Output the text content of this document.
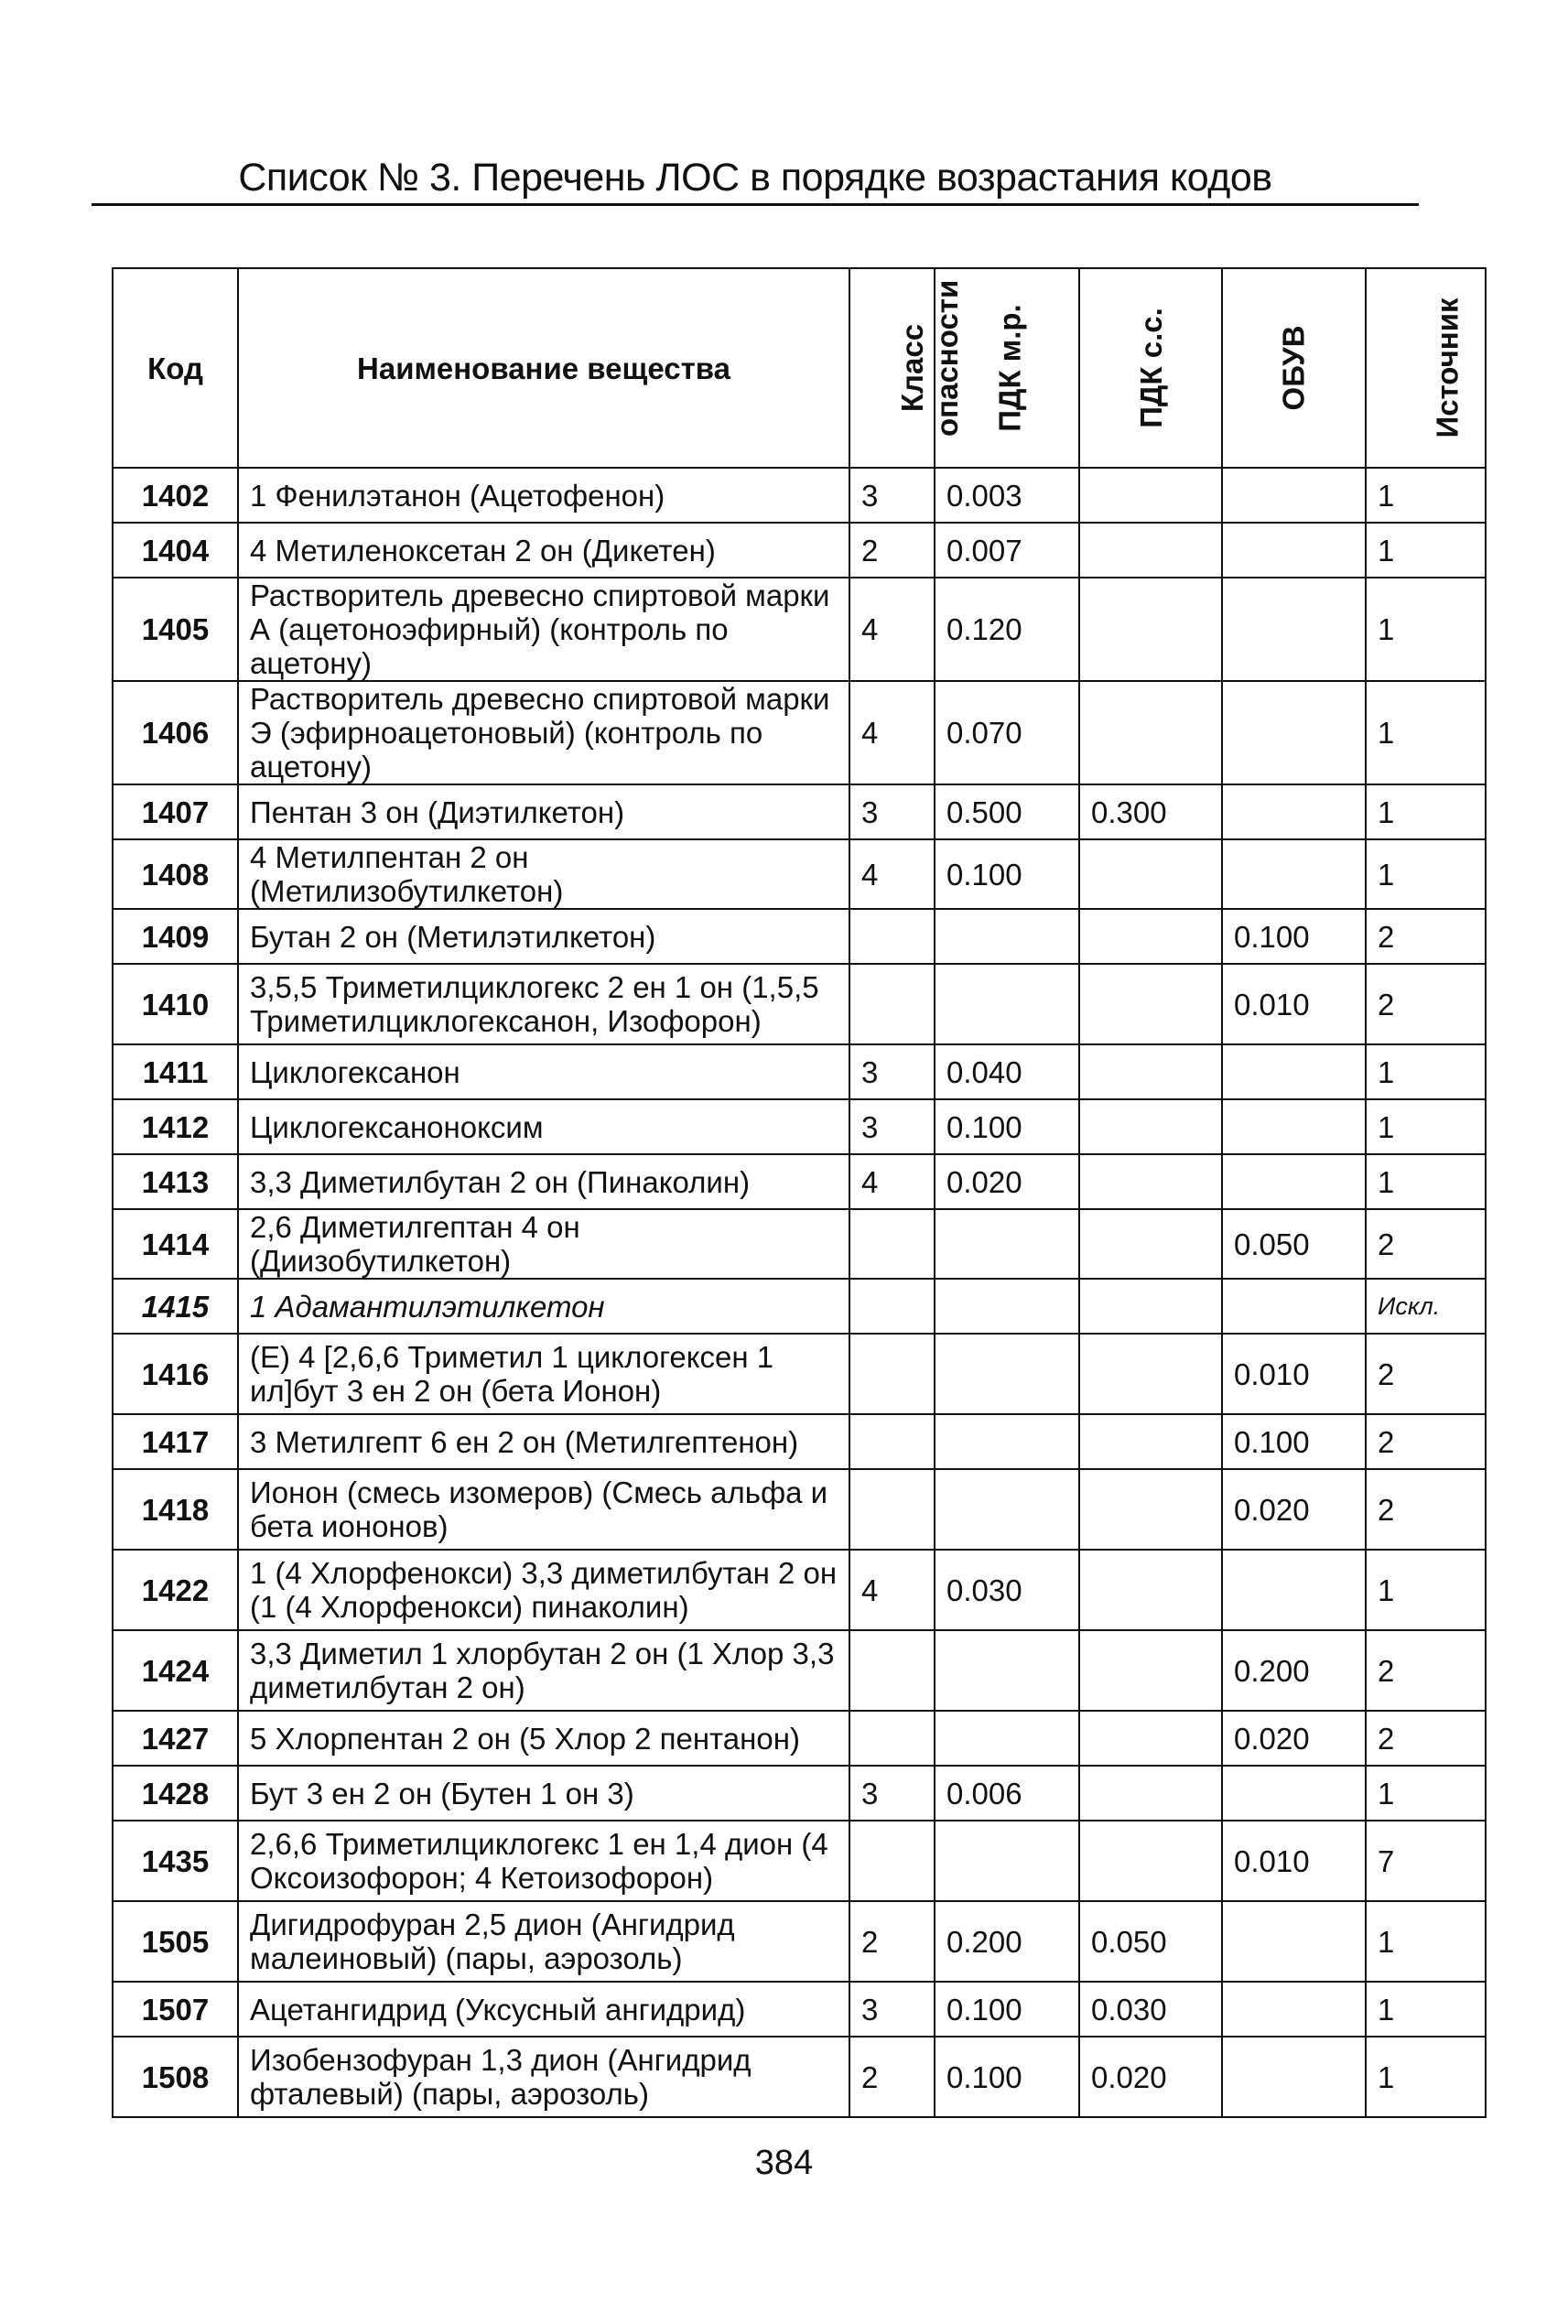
Список № 3. Перечень ЛОС в порядке возрастания кодов
Код	Наименование вещества	Класс опасности	ПДК м.р.	ПДК с.с.	ОБУВ	Источник
1402	1 Фенилэтанон (Ацетофенон)	3	0.003			1
1404	4 Метиленоксетан 2 он (Дикетен)	2	0.007			1
1405	Растворитель древесно спиртовой марки А (ацетоноэфирный) (контроль по ацетону)	4	0.120			1
1406	Растворитель древесно спиртовой марки Э (эфирноацетоновый) (контроль по ацетону)	4	0.070			1
1407	Пентан 3 он (Диэтилкетон)	3	0.500	0.300		1
1408	4 Метилпентан 2 он (Метилизобутилкетон)	4	0.100			1
1409	Бутан 2 он (Метилэтилкетон)				0.100	2
1410	3,5,5 Триметилциклогекс 2 ен 1 он (1,5,5 Триметилциклогексанон, Изофорон)				0.010	2
1411	Циклогексанон	3	0.040			1
1412	Циклогексаноноксим	3	0.100			1
1413	3,3 Диметилбутан 2 он (Пинаколин)	4	0.020			1
1414	2,6 Диметилгептан 4 он (Диизобутилкетон)				0.050	2
1415	1 Адамантилэтилкетон					Искл.
1416	(E) 4 [2,6,6 Триметил 1 циклогексен 1 ил]бут 3 ен 2 он (бета Ионон)				0.010	2
1417	3 Метилгепт 6 ен 2 он (Метилгептенон)				0.100	2
1418	Ионон (смесь изомеров) (Смесь альфа и бета иононов)				0.020	2
1422	1 (4 Хлорфенокси) 3,3 диметилбутан 2 он (1 (4 Хлорфенокси) пинаколин)	4	0.030			1
1424	3,3 Диметил 1 хлорбутан 2 он (1 Хлор 3,3 диметилбутан 2 он)				0.200	2
1427	5 Хлорпентан 2 он (5 Хлор 2 пентанон)				0.020	2
1428	Бут 3 ен 2 он (Бутен 1 он 3)	3	0.006			1
1435	2,6,6 Триметилциклогекс 1 ен 1,4 дион (4 Оксоизофорон; 4 Кетоизофорон)				0.010	7
1505	Дигидрофуран 2,5 дион (Ангидрид малеиновый) (пары, аэрозоль)	2	0.200	0.050		1
1507	Ацетангидрид (Уксусный ангидрид)	3	0.100	0.030		1
1508	Изобензофуран 1,3 дион (Ангидрид фталевый) (пары, аэрозоль)	2	0.100	0.020		1
384
